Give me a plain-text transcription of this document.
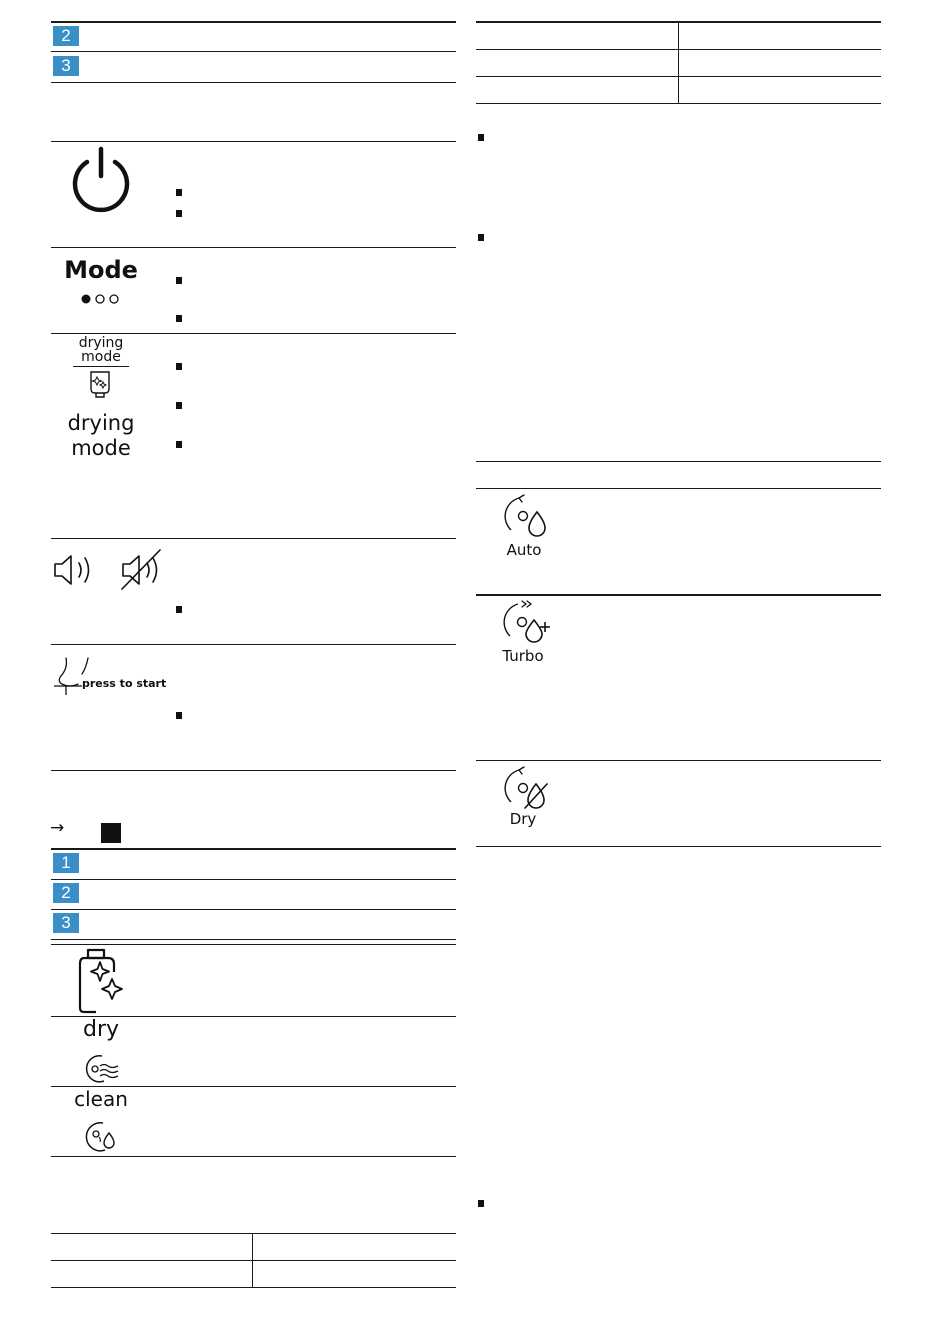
2
3
Mode
drying
mode
drying
mode
press to start
→
1
2
3
dry
clean
Auto
Turbo
Dry
